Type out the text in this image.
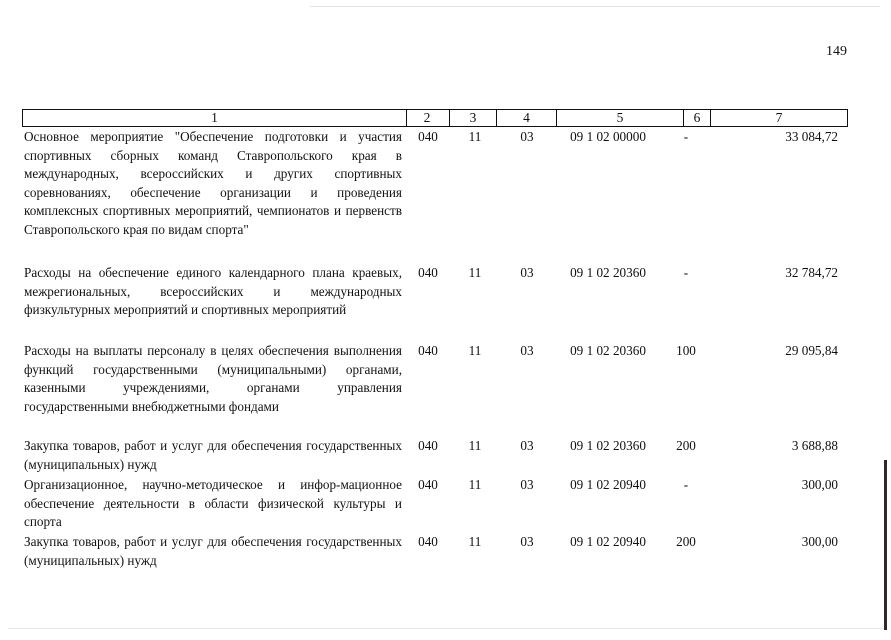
149
1	2	3	4	5	6	7
Основное мероприятие "Обеспечение подготовки и участия спортивных сборных команд Ставропольского края в международных, всероссийских и других спортивных соревнованиях, обеспечение организации и проведения комплексных спортивных мероприятий, чемпионатов и первенств Ставропольского края по видам спорта"
040	11	03	09 1 02 00000	-	33 084,72
Расходы на обеспечение единого календарного плана краевых, межрегиональных, всероссийских и международных физкультурных мероприятий и спортивных мероприятий
040	11	03	09 1 02 20360	-	32 784,72
Расходы на выплаты персоналу в целях обеспечения выполнения функций государственными (муниципальными) органами, казенными учреждениями, органами управления государственными внебюджетными фондами
040	11	03	09 1 02 20360	100	29 095,84
Закупка товаров, работ и услуг для обеспечения государственных (муниципальных) нужд
040	11	03	09 1 02 20360	200	3 688,88
Организационное, научно-методическое и инфор-мационное обеспечение деятельности в области физической культуры и спорта
040	11	03	09 1 02 20940	-	300,00
Закупка товаров, работ и услуг для обеспечения государственных (муниципальных) нужд
040	11	03	09 1 02 20940	200	300,00
